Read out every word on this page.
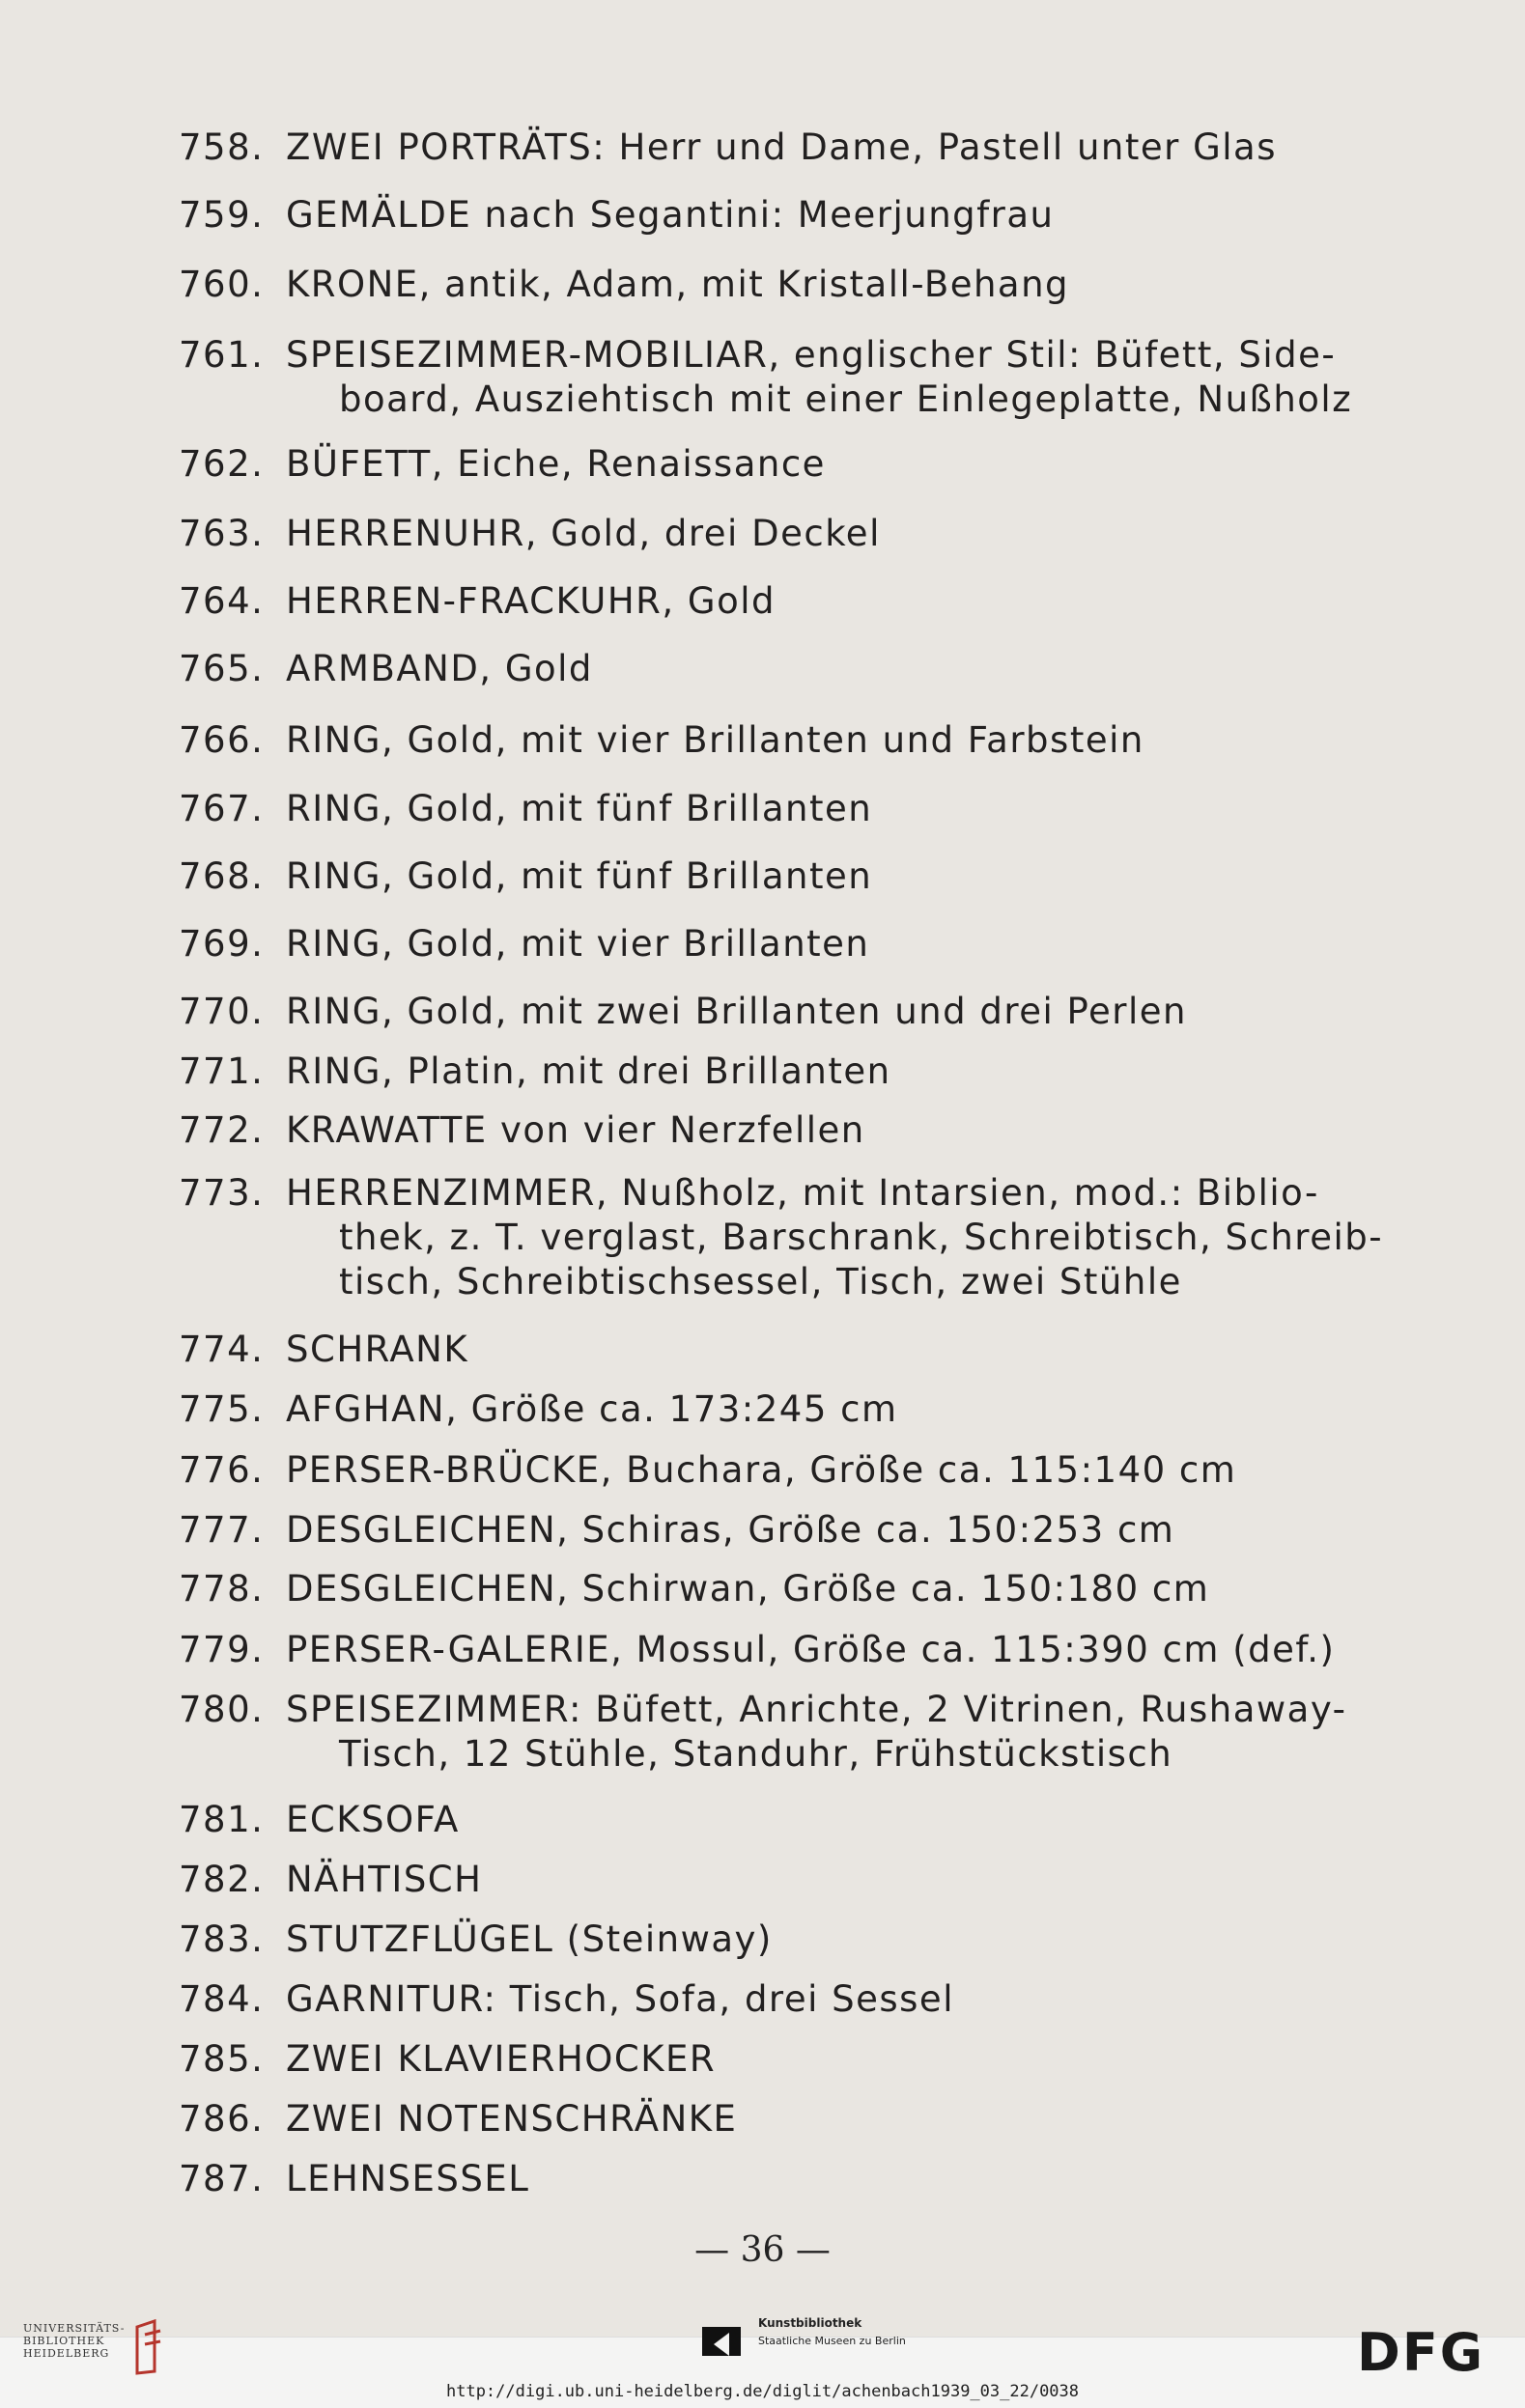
758. ZWEI PORTRÄTS: Herr und Dame, Pastell unter Glas
759. GEMÄLDE nach Segantini: Meerjungfrau
760. KRONE, antik, Adam, mit Kristall-Behang
761. SPEISEZIMMER-MOBILIAR, englischer Stil: Büfett, Side-
board, Ausziehtisch mit einer Einlegeplatte, Nußholz
762. BÜFETT, Eiche, Renaissance
763. HERRENUHR, Gold, drei Deckel
764. HERREN-FRACKUHR, Gold
765. ARMBAND, Gold
766. RING, Gold, mit vier Brillanten und Farbstein
767. RING, Gold, mit fünf Brillanten
768. RING, Gold, mit fünf Brillanten
769. RING, Gold, mit vier Brillanten
770. RING, Gold, mit zwei Brillanten und drei Perlen
771. RING, Platin, mit drei Brillanten
772. KRAWATTE von vier Nerzfellen
773. HERRENZIMMER, Nußholz, mit Intarsien, mod.: Biblio-
thek, z. T. verglast, Barschrank, Schreibtisch, Schreib-
tisch, Schreibtischsessel, Tisch, zwei Stühle
774. SCHRANK
775. AFGHAN, Größe ca. 173:245 cm
776. PERSER-BRÜCKE, Buchara, Größe ca. 115:140 cm
777. DESGLEICHEN, Schiras, Größe ca. 150:253 cm
778. DESGLEICHEN, Schirwan, Größe ca. 150:180 cm
779. PERSER-GALERIE, Mossul, Größe ca. 115:390 cm (def.)
780. SPEISEZIMMER: Büfett, Anrichte, 2 Vitrinen, Rushaway-
Tisch, 12 Stühle, Standuhr, Frühstückstisch
781. ECKSOFA
782. NÄHTISCH
783. STUTZFLÜGEL (Steinway)
784. GARNITUR: Tisch, Sofa, drei Sessel
785. ZWEI KLAVIERHOCKER
786. ZWEI NOTENSCHRÄNKE
787. LEHNSESSEL
— 36 —
UNIVERSITÄTS-
BIBLIOTHEK
HEIDELBERG
Kunstbibliothek
Staatliche Museen zu Berlin	DFG
http://digi.ub.uni-heidelberg.de/diglit/achenbach1939_03_22/0038
